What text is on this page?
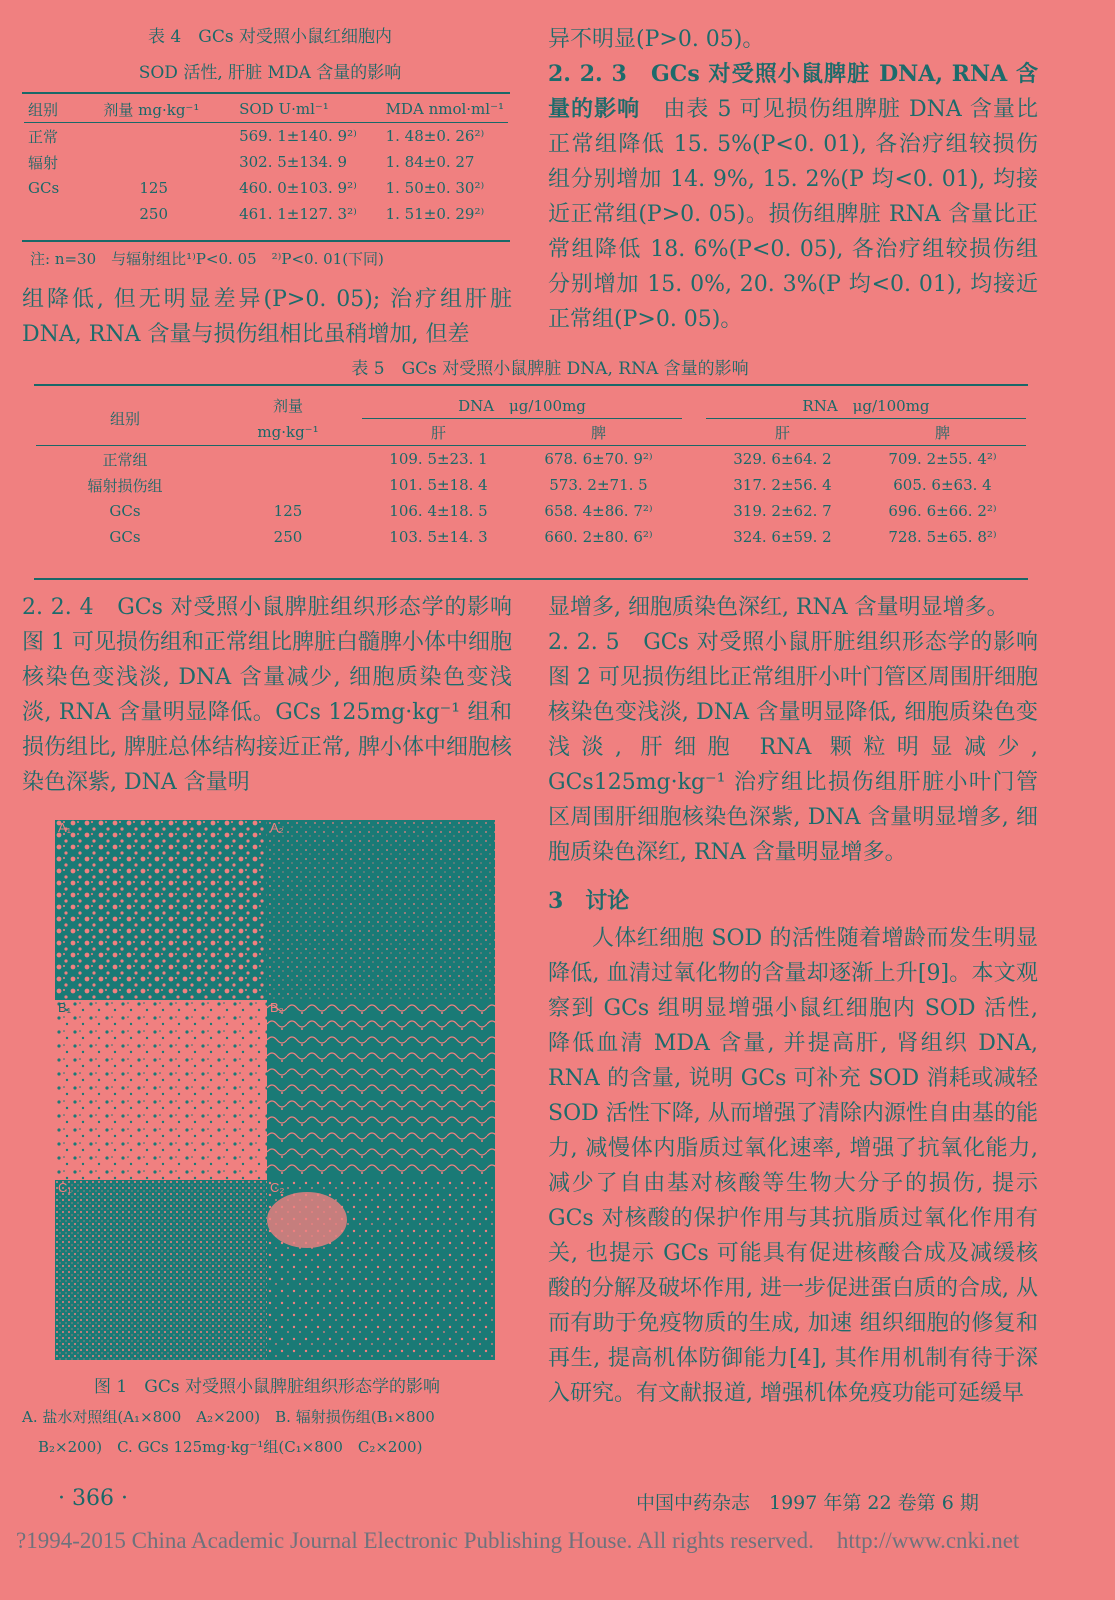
表 4　GCs 对受照小鼠红细胞内
SOD 活性, 肝脏 MDA 含量的影响
组别	剂量 mg·kg⁻¹	SOD U·ml⁻¹	MDA nmol·ml⁻¹
正常		569. 1±140. 9²⁾	1. 48±0. 26²⁾
辐射		302. 5±134. 9	1. 84±0. 27
GCs	125	460. 0±103. 9²⁾	1. 50±0. 30²⁾
	250	461. 1±127. 3²⁾	1. 51±0. 29²⁾
注: n=30　与辐射组比¹⁾P<0. 05　²⁾P<0. 01(下同)
组降低, 但无明显差异(P>0. 05); 治疗组肝脏 DNA, RNA 含量与损伤组相比虽稍增加, 但差
异不明显(P>0. 05)。
2. 2. 3　GCs 对受照小鼠脾脏 DNA, RNA 含量的影响 由表 5 可见损伤组脾脏 DNA 含量比正常组降低 15. 5%(P<0. 01), 各治疗组较损伤组分别增加 14. 9%, 15. 2%(P 均<0. 01), 均接近正常组(P>0. 05)。损伤组脾脏 RNA 含量比正常组降低 18. 6%(P<0. 05), 各治疗组较损伤组分别增加 15. 0%, 20. 3%(P 均<0. 01), 均接近正常组(P>0. 05)。
表 5　GCs 对受照小鼠脾脏 DNA, RNA 含量的影响
组别	剂量	DNA　μg/100mg			RNA　μg/100mg	
	mg·kg⁻¹	肝	脾		肝	脾
正常组		109. 5±23. 1	678. 6±70. 9²⁾		329. 6±64. 2	709. 2±55. 4²⁾
辐射损伤组		101. 5±18. 4	573. 2±71. 5		317. 2±56. 4	605. 6±63. 4
GCs	125	106. 4±18. 5	658. 4±86. 7²⁾		319. 2±62. 7	696. 6±66. 2²⁾
GCs	250	103. 5±14. 3	660. 2±80. 6²⁾		324. 6±59. 2	728. 5±65. 8²⁾
2. 2. 4　GCs 对受照小鼠脾脏组织形态学的影响　图 1 可见损伤组和正常组比脾脏白髓脾小体中细胞核染色变浅淡, DNA 含量减少, 细胞质染色变浅淡, RNA 含量明显降低。GCs 125mg·kg⁻¹ 组和损伤组比, 脾脏总体结构接近正常, 脾小体中细胞核染色深紫, DNA 含量明
A₁	A₂
B₁	B₂
C₁	C₂
图 1　GCs 对受照小鼠脾脏组织形态学的影响
A. 盐水对照组(A₁×800　A₂×200)　B. 辐射损伤组(B₁×800
B₂×200)　C. GCs 125mg·kg⁻¹组(C₁×800　C₂×200)
显增多, 细胞质染色深红, RNA 含量明显增多。
2. 2. 5　GCs 对受照小鼠肝脏组织形态学的影响　图 2 可见损伤组比正常组肝小叶门管区周围肝细胞核染色变浅淡, DNA 含量明显降低, 细胞质染色变浅淡, 肝细胞 RNA 颗粒明显减少, GCs125mg·kg⁻¹ 治疗组比损伤组肝脏小叶门管区周围肝细胞核染色深紫, DNA 含量明显增多, 细胞质染色深红, RNA 含量明显增多。
3　讨论
人体红细胞 SOD 的活性随着增龄而发生明显降低, 血清过氧化物的含量却逐渐上升[9]。本文观察到 GCs 组明显增强小鼠红细胞内 SOD 活性, 降低血清 MDA 含量, 并提高肝, 肾组织 DNA, RNA 的含量, 说明 GCs 可补充 SOD 消耗或减轻 SOD 活性下降, 从而增强了清除内源性自由基的能力, 减慢体内脂质过氧化速率, 增强了抗氧化能力, 减少了自由基对核酸等生物大分子的损伤, 提示 GCs 对核酸的保护作用与其抗脂质过氧化作用有关, 也提示 GCs 可能具有促进核酸合成及减缓核酸的分解及破坏作用, 进一步促进蛋白质的合成, 从而有助于免疫物质的生成, 加速 组织细胞的修复和再生, 提高机体防御能力[4], 其作用机制有待于深入研究。有文献报道, 增强机体免疫功能可延缓早
· 366 ·	中国中药杂志　1997 年第 22 卷第 6 期
?1994-2015 China Academic Journal Electronic Publishing House. All rights reserved.　http://www.cnki.net
